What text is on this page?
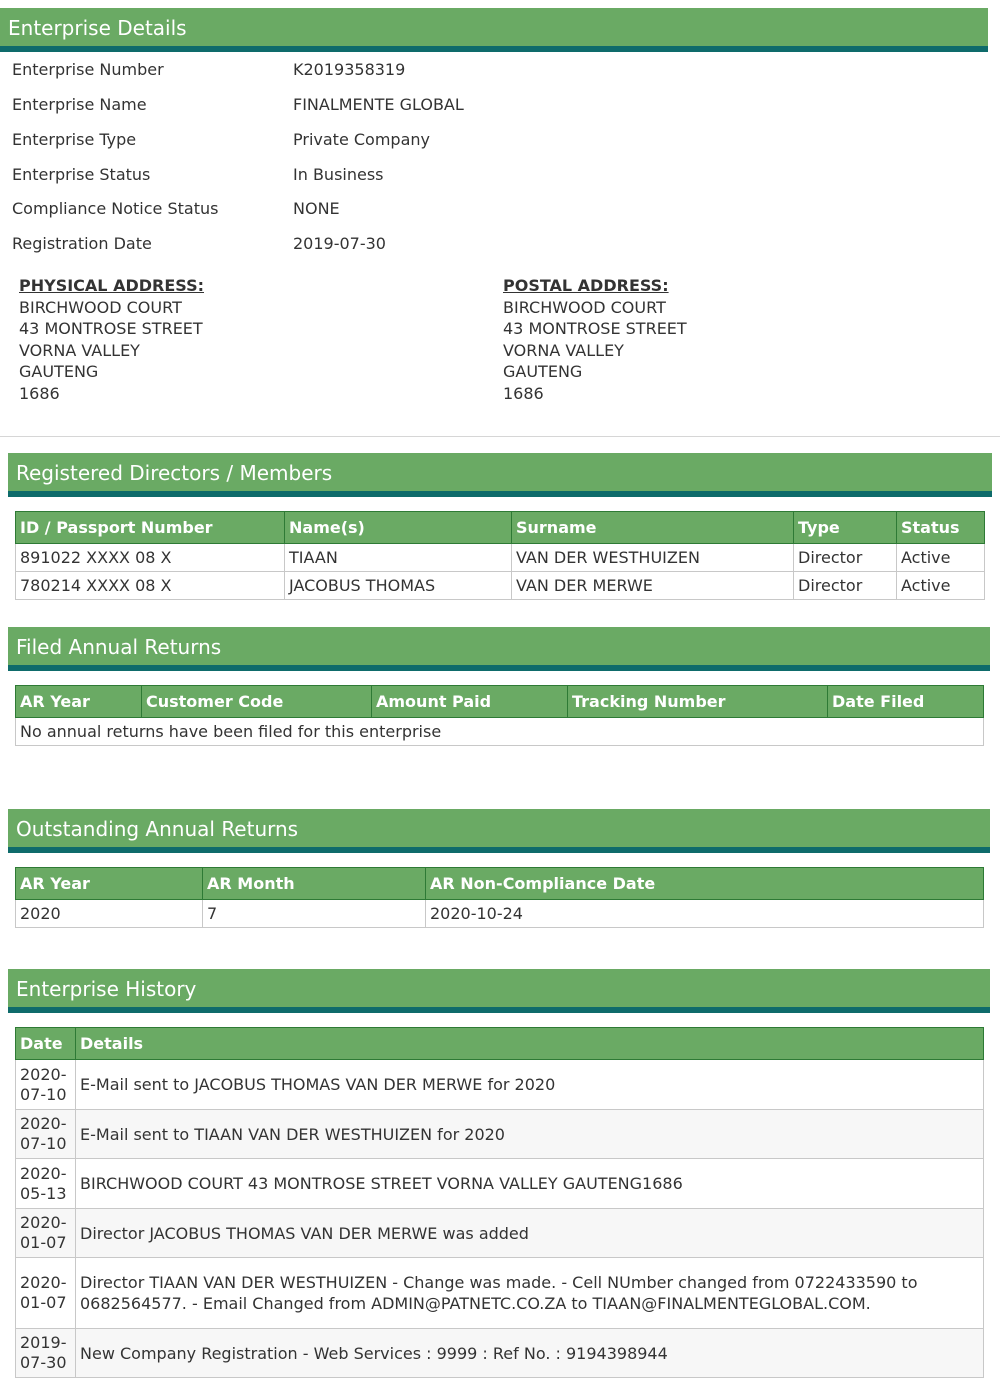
Enterprise Details
Enterprise Number	K2019358319
Enterprise Name	FINALMENTE GLOBAL
Enterprise Type	Private Company
Enterprise Status	In Business
Compliance Notice Status	NONE
Registration Date	2019-07-30
PHYSICAL ADDRESS:
BIRCHWOOD COURT
43 MONTROSE STREET
VORNA VALLEY
GAUTENG
1686
POSTAL ADDRESS:
BIRCHWOOD COURT
43 MONTROSE STREET
VORNA VALLEY
GAUTENG
1686
Registered Directors / Members
ID / Passport Number	Name(s)	Surname	Type	Status
891022 XXXX 08 X	TIAAN	VAN DER WESTHUIZEN	Director	Active
780214 XXXX 08 X	JACOBUS THOMAS	VAN DER MERWE	Director	Active
Filed Annual Returns
AR Year	Customer Code	Amount Paid	Tracking Number	Date Filed
No annual returns have been filed for this enterprise
Outstanding Annual Returns
AR Year	AR Month	AR Non-Compliance Date
2020	7	2020-10-24
Enterprise History
Date	Details

2020-
07-10	E-Mail sent to JACOBUS THOMAS VAN DER MERWE for 2020

2020-
07-10	E-Mail sent to TIAAN VAN DER WESTHUIZEN for 2020

2020-
05-13	BIRCHWOOD COURT 43 MONTROSE STREET VORNA VALLEY GAUTENG1686

2020-
01-07	Director JACOBUS THOMAS VAN DER MERWE was added

2020-
01-07	Director TIAAN VAN DER WESTHUIZEN - Change was made. - Cell NUmber changed from 0722433590 to 0682564577. - Email Changed from ADMIN@PATNETC.CO.ZA to TIAAN@FINALMENTEGLOBAL.COM.

2019-
07-30	New Company Registration - Web Services : 9999 : Ref No. : 9194398944
